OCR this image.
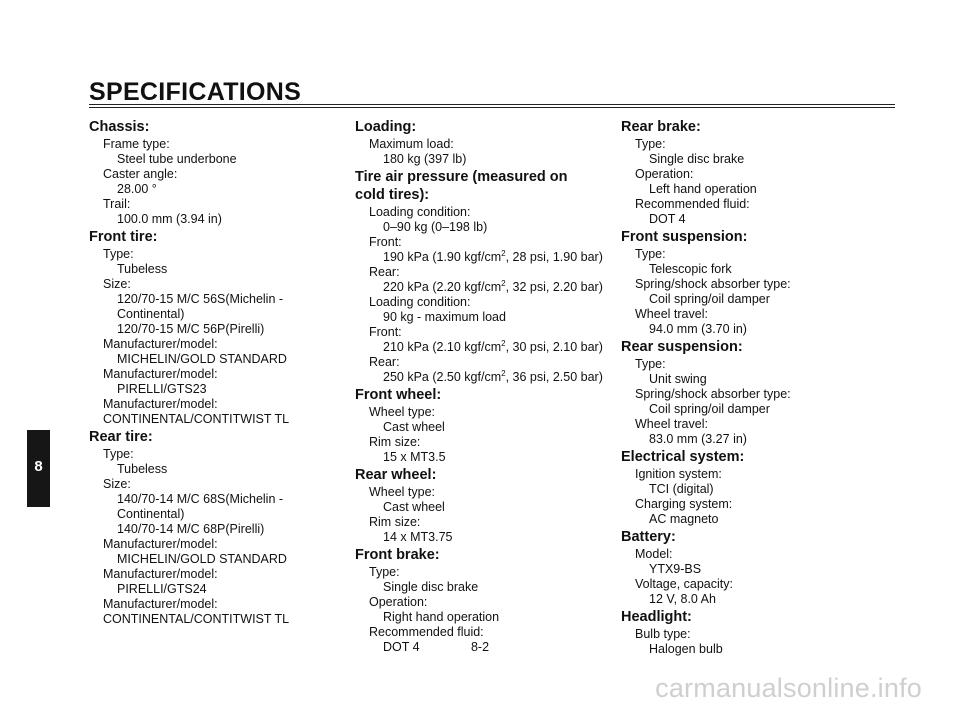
SPECIFICATIONS
Chassis:
Frame type:
Steel tube underbone
Caster angle:
28.00 °
Trail:
100.0 mm (3.94 in)
Front tire:
Type:
Tubeless
Size:
120/70-15 M/C 56S(Michelin -
Continental)
120/70-15 M/C 56P(Pirelli)
Manufacturer/model:
MICHELIN/GOLD STANDARD
Manufacturer/model:
PIRELLI/GTS23
Manufacturer/model:
CONTINENTAL/CONTITWIST TL
Rear tire:
Type:
Tubeless
Size:
140/70-14 M/C 68S(Michelin -
Continental)
140/70-14 M/C 68P(Pirelli)
Manufacturer/model:
MICHELIN/GOLD STANDARD
Manufacturer/model:
PIRELLI/GTS24
Manufacturer/model:
CONTINENTAL/CONTITWIST TL
Loading:
Maximum load:
180 kg (397 lb)
Tire air pressure (measured on cold tires):
Loading condition:
0–90 kg (0–198 lb)
Front:
190 kPa (1.90 kgf/$cm^2$, 28 psi, 1.90 bar)
Rear:
220 kPa (2.20 kgf/$cm^2$, 32 psi, 2.20 bar)
Loading condition:
90 kg - maximum load
Front:
210 kPa (2.10 kgf/$cm^2$, 30 psi, 2.10 bar)
Rear:
250 kPa (2.50 kgf/$cm^2$, 36 psi, 2.50 bar)
Front wheel:
Wheel type:
Cast wheel
Rim size:
15 x MT3.5
Rear wheel:
Wheel type:
Cast wheel
Rim size:
14 x MT3.75
Front brake:
Type:
Single disc brake
Operation:
Right hand operation
Recommended fluid:
DOT 4
Rear brake:
Type:
Single disc brake
Operation:
Left hand operation
Recommended fluid:
DOT 4
Front suspension:
Type:
Telescopic fork
Spring/shock absorber type:
Coil spring/oil damper
Wheel travel:
94.0 mm (3.70 in)
Rear suspension:
Type:
Unit swing
Spring/shock absorber type:
Coil spring/oil damper
Wheel travel:
83.0 mm (3.27 in)
Electrical system:
Ignition system:
TCI (digital)
Charging system:
AC magneto
Battery:
Model:
YTX9-BS
Voltage, capacity:
12 V, 8.0 Ah
Headlight:
Bulb type:
Halogen bulb
8
8-2
carmanualsonline.info
